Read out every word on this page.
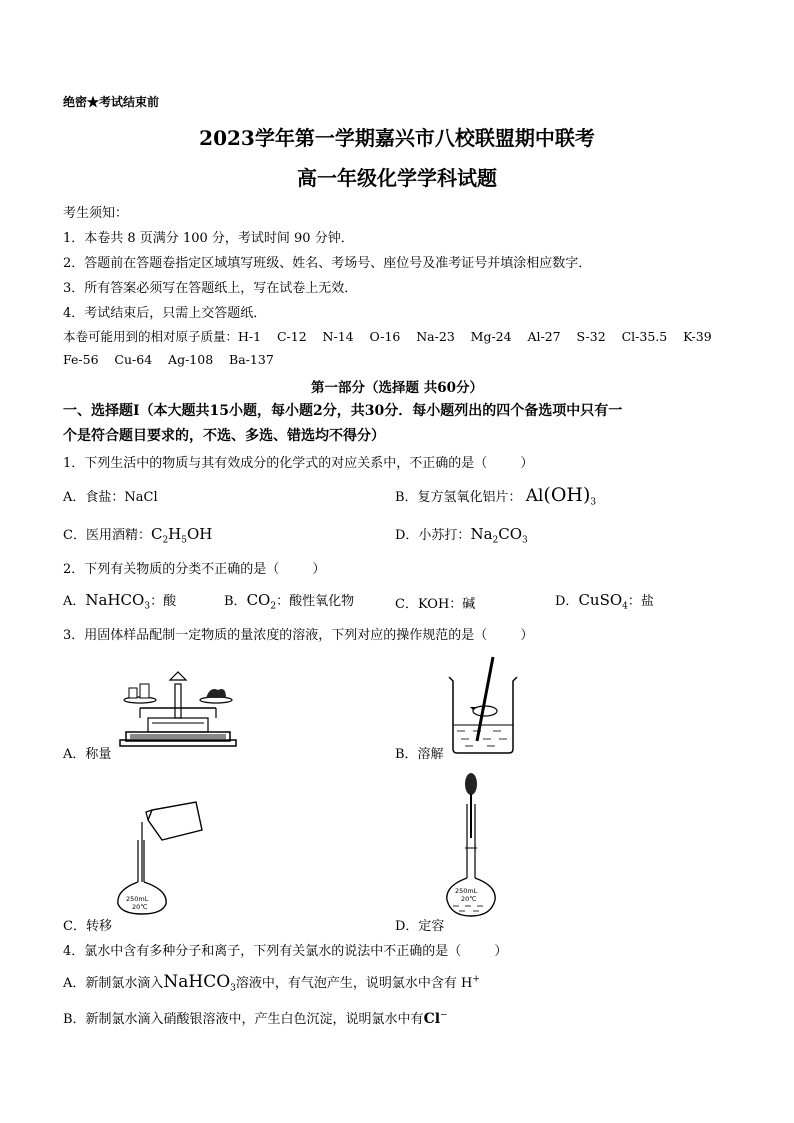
绝密★考试结束前
2023学年第一学期嘉兴市八校联盟期中联考
高一年级化学学科试题
考生须知：
1．本卷共 8 页满分 100 分，考试时间 90 分钟．
2．答题前在答题卷指定区域填写班级、姓名、考场号、座位号及准考证号并填涂相应数字．
3．所有答案必须写在答题纸上，写在试卷上无效．
4．考试结束后，只需上交答题纸．
本卷可能用到的相对原子质量：H-1    C-12    N-14    O-16    Na-23    Mg-24    Al-27    S-32    Cl-35.5    K-39
Fe-56    Cu-64    Ag-108    Ba-137
第一部分（选择题 共60分）
一、选择题Ⅰ（本大题共15小题，每小题2分，共30分．每小题列出的四个备选项中只有一
个是符合题目要求的，不选、多选、错选均不得分）
1．下列生活中的物质与其有效成分的化学式的对应关系中，不正确的是（        ）
A．食盐：NaCl	B．复方氢氧化铝片： $Al(OH)_3$
C．医用酒精：$C_2H_5OH$	D．小苏打：$Na_2CO_3$
2．下列有关物质的分类不正确的是（        ）
A．NaHCO$_3$：酸	B．$CO_2$：酸性氧化物	C．KOH：碱	D．CuSO$_4$：盐
3．用固体样品配制一定物质的量浓度的溶液，下列对应的操作规范的是（        ）
A．称量	B．溶解
250mL
20℃
C．转移
250mL
20℃
D．定容
4．氯水中含有多种分子和离子，下列有关氯水的说法中不正确的是（        ）
A．新制氯水滴入NaHCO$_3$溶液中，有气泡产生，说明氯水中含有 H+
B．新制氯水滴入硝酸银溶液中，产生白色沉淀，说明氯水中有Cl−
